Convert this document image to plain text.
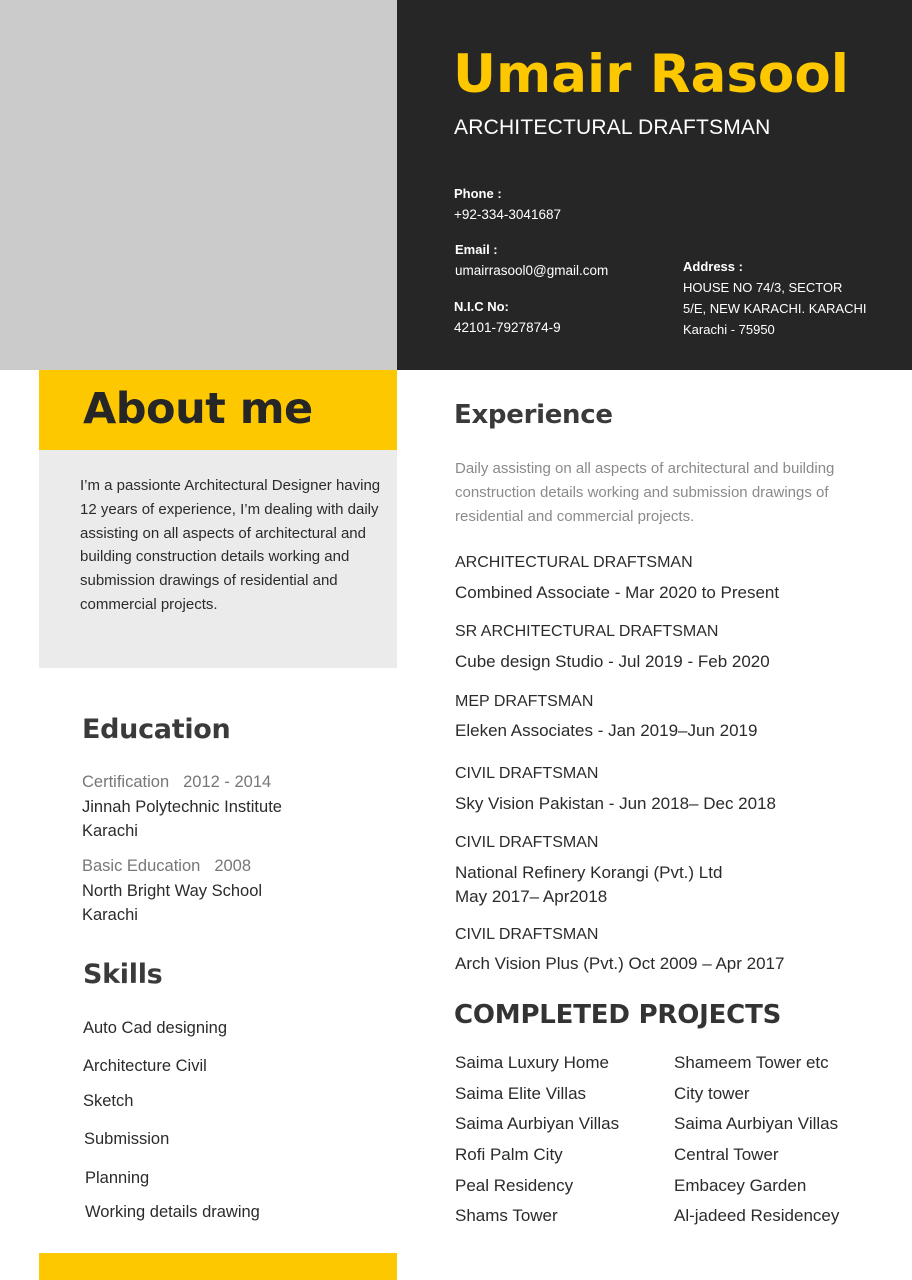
Umair Rasool
ARCHITECTURAL DRAFTSMAN
Phone :
+92-334-3041687
Email :
umairrasool0@gmail.com
N.I.C No:
42101-7927874-9
Address :
HOUSE NO 74/3, SECTOR
5/E, NEW KARACHI. KARACHI
Karachi - 75950
About me
I’m a passionte Architectural Designer having 12 years of experience, I’m dealing with daily assisting on all aspects of architectural and building construction details working and submission drawings of residential and commercial projects.
Education
Certification 2012 - 2014
Jinnah Polytechnic Institute
Karachi
Basic Education 2008
North Bright Way School
Karachi
Skills
Auto Cad designing
Architecture Civil
Sketch
Submission
Planning
Working details drawing
Experience
Daily assisting on all aspects of architectural and building construction details working and submission drawings of residential and commercial projects.
ARCHITECTURAL DRAFTSMAN
Combined Associate - Mar 2020 to Present
SR ARCHITECTURAL DRAFTSMAN
Cube design Studio - Jul 2019 - Feb 2020
MEP DRAFTSMAN
Eleken Associates - Jan 2019–Jun 2019
CIVIL DRAFTSMAN
Sky Vision Pakistan - Jun 2018– Dec 2018
CIVIL DRAFTSMAN
National Refinery Korangi (Pvt.) Ltd
May 2017– Apr2018
CIVIL DRAFTSMAN
Arch Vision Plus (Pvt.) Oct 2009 – Apr 2017
COMPLETED PROJECTS
Saima Luxury Home
Saima Elite Villas
Saima Aurbiyan Villas
Rofi Palm City
Peal Residency
Shams Tower
Shameem Tower etc
City tower
Saima Aurbiyan Villas
Central Tower
Embacey Garden
Al-jadeed Residencey
